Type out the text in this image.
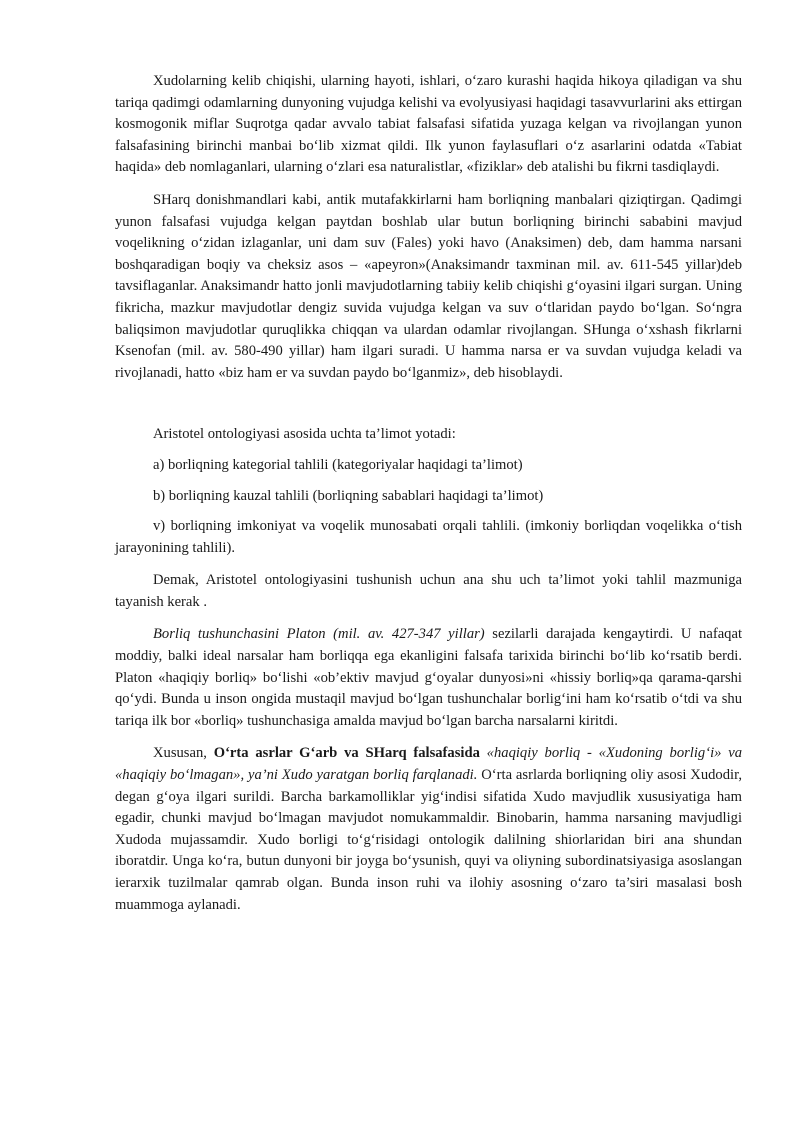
Xudolarning kelib chiqishi, ularning hayoti, ishlari, o‘zaro kurashi haqida hikoya qiladigan va shu tariqa qadimgi odamlarning dunyoning vujudga kelishi va evolyusiyasi haqidagi tasavvurlarini aks ettirgan kosmogonik miflar Suqrotga qadar avvalo tabiat falsafasi sifatida yuzaga kelgan va rivojlangan yunon falsafasining birinchi manbai bo‘lib xizmat qildi. Ilk yunon faylasuflari o‘z asarlarini odatda «Tabiat haqida» deb nomlaganlari, ularning o‘zlari esa naturalistlar, «fiziklar» deb atalishi bu fikrni tasdiqlaydi.

SHarq donishmandlari kabi, antik mutafakkirlarni ham borliqning manbalari qiziqtirgan. Qadimgi yunon falsafasi vujudga kelgan paytdan boshlab ular butun borliqning birinchi sababini mavjud voqelikning o‘zidan izlaganlar, uni dam suv (Fales) yoki havo (Anaksimen) deb, dam hamma narsani boshqaradigan boqiy va cheksiz asos – «apeyron»(Anaksimandr taxminan mil. av. 611-545 yillar)deb tavsiflaganlar. Anaksimandr hatto jonli mavjudotlarning tabiiy kelib chiqishi g‘oyasini ilgari surgan. Uning fikricha, mazkur mavjudotlar dengiz suvida vujudga kelgan va suv o‘tlaridan paydo bo‘lgan. So‘ngra baliqsimon mavjudotlar quruqlikka chiqqan va ulardan odamlar rivojlangan. SHunga o‘xshash fikrlarni Ksenofan (mil. av. 580-490 yillar) ham ilgari suradi. U hamma narsa er va suvdan vujudga keladi va rivojlanadi, hatto «biz ham er va suvdan paydo bo‘lganmiz», deb hisoblaydi.

Aristotel ontologiyasi asosida uchta ta’limot yotadi:

a) borliqning kategorial tahlili (kategoriyalar haqidagi ta’limot)

b) borliqning kauzal tahlili (borliqning sabablari haqidagi ta’limot)

v) borliqning imkoniyat va voqelik munosabati orqali tahlili. (imkoniy borliqdan voqelikka o‘tish jarayonining tahlili).

Demak, Aristotel ontologiyasini tushunish uchun ana shu uch ta’limot yoki tahlil mazmuniga tayanish kerak .

Borliq tushunchasini Platon (mil. av. 427-347 yillar) sezilarli darajada kengaytirdi. U nafaqat moddiy, balki ideal narsalar ham borliqqa ega ekanligini falsafa tarixida birinchi bo‘lib ko‘rsatib berdi. Platon «haqiqiy borliq» bo‘lishi «ob’ektiv mavjud g‘oyalar dunyosi»ni «hissiy borliq»qa qarama-qarshi qo‘ydi. Bunda u inson ongida mustaqil mavjud bo‘lgan tushunchalar borlig‘ini ham ko‘rsatib o‘tdi va shu tariqa ilk bor «borliq» tushunchasiga amalda mavjud bo‘lgan barcha narsalarni kiritdi.

Xususan, O‘rta asrlar G‘arb va SHarq falsafasida «haqiqiy borliq - «Xudoning borlig‘i» va «haqiqiy bo‘lmagan», ya’ni Xudo yaratgan borliq farqlanadi. O‘rta asrlarda borliqning oliy asosi Xudodir, degan g‘oya ilgari surildi. Barcha barkamolliklar yig‘indisi sifatida Xudo mavjudlik xususiyatiga ham egadir, chunki mavjud bo‘lmagan mavjudot nomukammaldir. Binobarin, hamma narsaning mavjudligi Xudoda mujassamdir. Xudo borligi to‘g‘risidagi ontologik dalilning shiorlaridan biri ana shundan iboratdir. Unga ko‘ra, butun dunyoni bir joyga bo‘ysunish, quyi va oliyning subordinatsiyasiga asoslangan ierarxik tuzilmalar qamrab olgan. Bunda inson ruhi va ilohiy asosning o‘zaro ta’siri masalasi bosh muammoga aylanadi.
